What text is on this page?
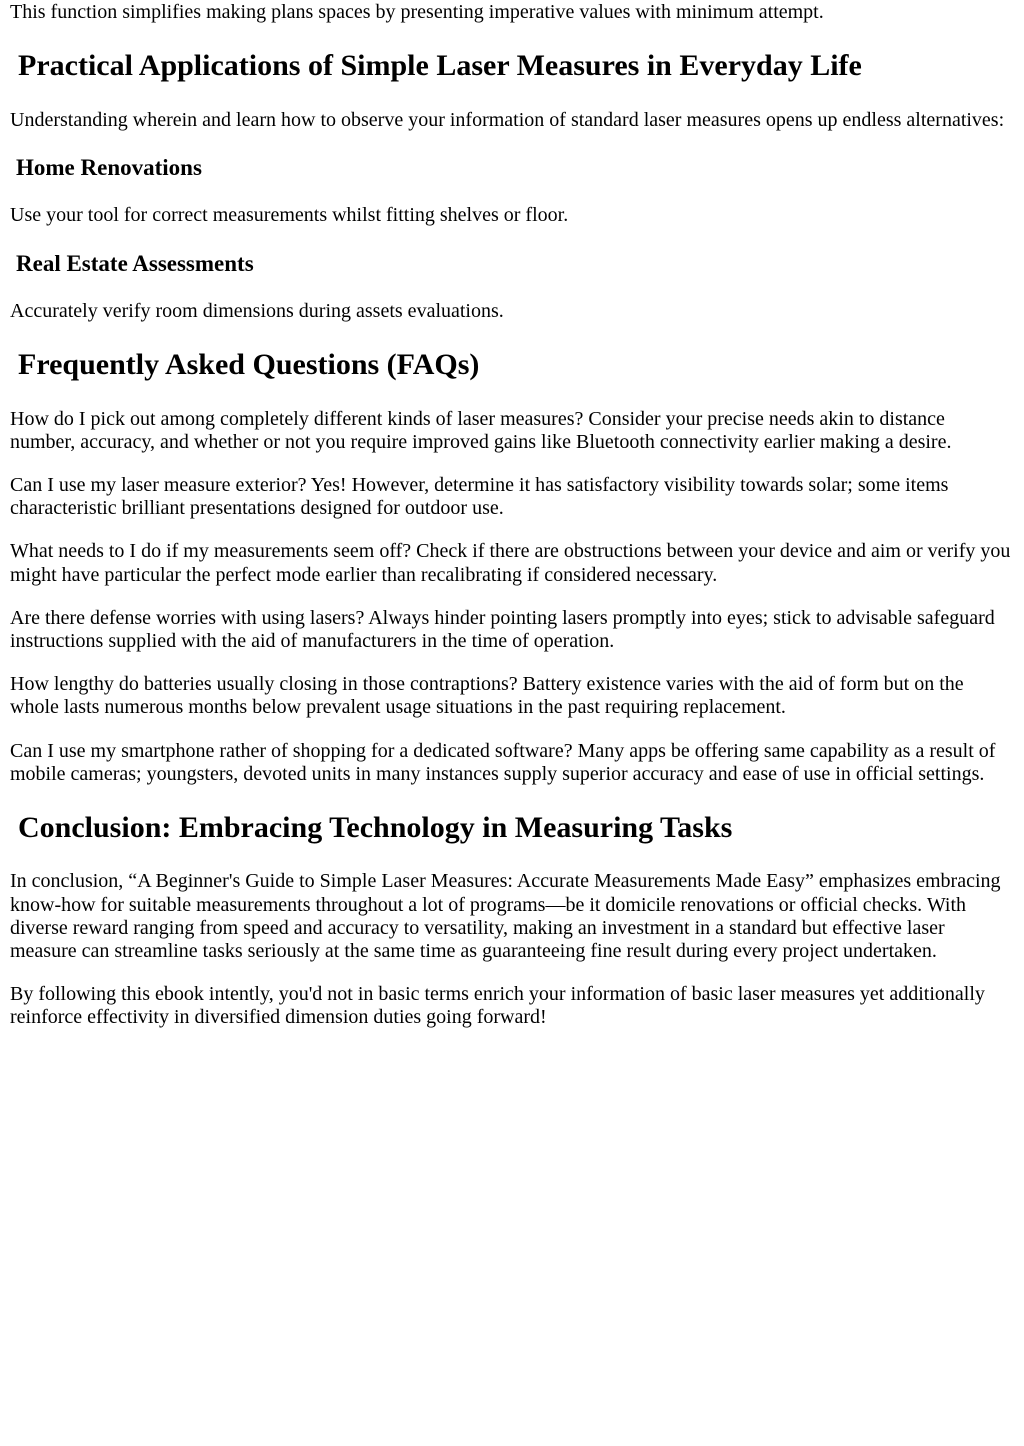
This function simplifies making plans spaces by presenting imperative values with minimum attempt.

Practical Applications of Simple Laser Measures in Everyday Life

Understanding wherein and learn how to observe your information of standard laser measures opens up endless alternatives:

Home Renovations

Use your tool for correct measurements whilst fitting shelves or floor.

Real Estate Assessments

Accurately verify room dimensions during assets evaluations.

Frequently Asked Questions (FAQs)

How do I pick out among completely different kinds of laser measures? Consider your precise needs akin to distance number, accuracy, and whether or not you require improved gains like Bluetooth connectivity earlier making a desire.

Can I use my laser measure exterior? Yes! However, determine it has satisfactory visibility towards solar; some items characteristic brilliant presentations designed for outdoor use.

What needs to I do if my measurements seem off? Check if there are obstructions between your device and aim or verify you might have particular the perfect mode earlier than recalibrating if considered necessary.

Are there defense worries with using lasers? Always hinder pointing lasers promptly into eyes; stick to advisable safeguard instructions supplied with the aid of manufacturers in the time of operation.

How lengthy do batteries usually closing in those contraptions? Battery existence varies with the aid of form but on the whole lasts numerous months below prevalent usage situations in the past requiring replacement.

Can I use my smartphone rather of shopping for a dedicated software? Many apps be offering same capability as a result of mobile cameras; youngsters, devoted units in many instances supply superior accuracy and ease of use in official settings.

Conclusion: Embracing Technology in Measuring Tasks

In conclusion, “A Beginner's Guide to Simple Laser Measures: Accurate Measurements Made Easy” emphasizes embracing know-how for suitable measurements throughout a lot of programs—be it domicile renovations or official checks. With diverse reward ranging from speed and accuracy to versatility, making an investment in a standard but effective laser measure can streamline tasks seriously at the same time as guaranteeing fine result during every project undertaken.

By following this ebook intently, you'd not in basic terms enrich your information of basic laser measures yet additionally reinforce effectivity in diversified dimension duties going forward!
